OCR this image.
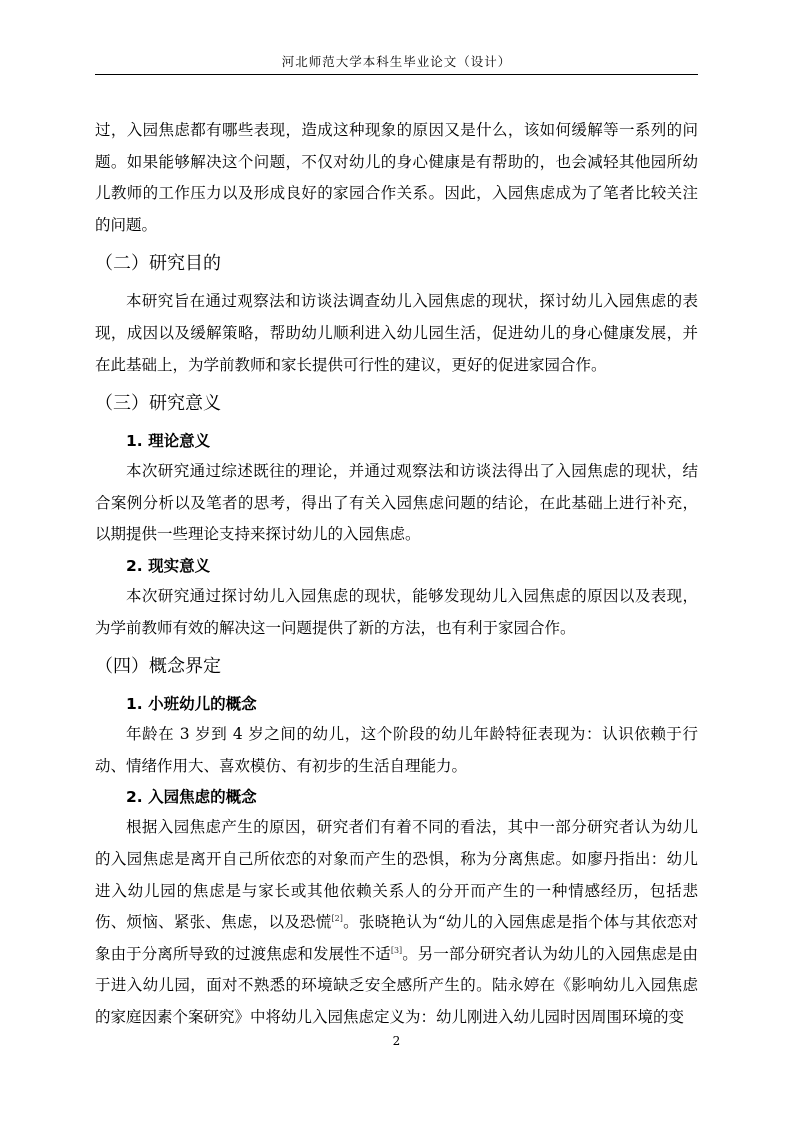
河北师范大学本科生毕业论文（设计）

过，入园焦虑都有哪些表现，造成这种现象的原因又是什么，该如何缓解等一系列的问题。如果能够解决这个问题，不仅对幼儿的身心健康是有帮助的，也会减轻其他园所幼儿教师的工作压力以及形成良好的家园合作关系。因此，入园焦虑成为了笔者比较关注的问题。

（二）研究目的

本研究旨在通过观察法和访谈法调查幼儿入园焦虑的现状，探讨幼儿入园焦虑的表现，成因以及缓解策略，帮助幼儿顺利进入幼儿园生活，促进幼儿的身心健康发展，并在此基础上，为学前教师和家长提供可行性的建议，更好的促进家园合作。

（三）研究意义
1. 理论意义

本次研究通过综述既往的理论，并通过观察法和访谈法得出了入园焦虑的现状，结合案例分析以及笔者的思考，得出了有关入园焦虑问题的结论，在此基础上进行补充，以期提供一些理论支持来探讨幼儿的入园焦虑。

2. 现实意义

本次研究通过探讨幼儿入园焦虑的现状，能够发现幼儿入园焦虑的原因以及表现，为学前教师有效的解决这一问题提供了新的方法，也有利于家园合作。

（四）概念界定
1. 小班幼儿的概念

年龄在 3 岁到 4 岁之间的幼儿，这个阶段的幼儿年龄特征表现为：认识依赖于行动、情绪作用大、喜欢模仿、有初步的生活自理能力。

2. 入园焦虑的概念

根据入园焦虑产生的原因，研究者们有着不同的看法，其中一部分研究者认为幼儿的入园焦虑是离开自己所依恋的对象而产生的恐惧，称为分离焦虑。如廖丹指出：幼儿进入幼儿园的焦虑是与家长或其他依赖关系人的分开而产生的一种情感经历，包括悲伤、烦恼、紧张、焦虑，以及恐慌[2]。张晓艳认为“幼儿的入园焦虑是指个体与其依恋对象由于分离所导致的过渡焦虑和发展性不适[3]。另一部分研究者认为幼儿的入园焦虑是由于进入幼儿园，面对不熟悉的环境缺乏安全感所产生的。陆永婷在《影响幼儿入园焦虑的家庭因素个案研究》中将幼儿入园焦虑定义为：幼儿刚进入幼儿园时因周围环境的变

2
